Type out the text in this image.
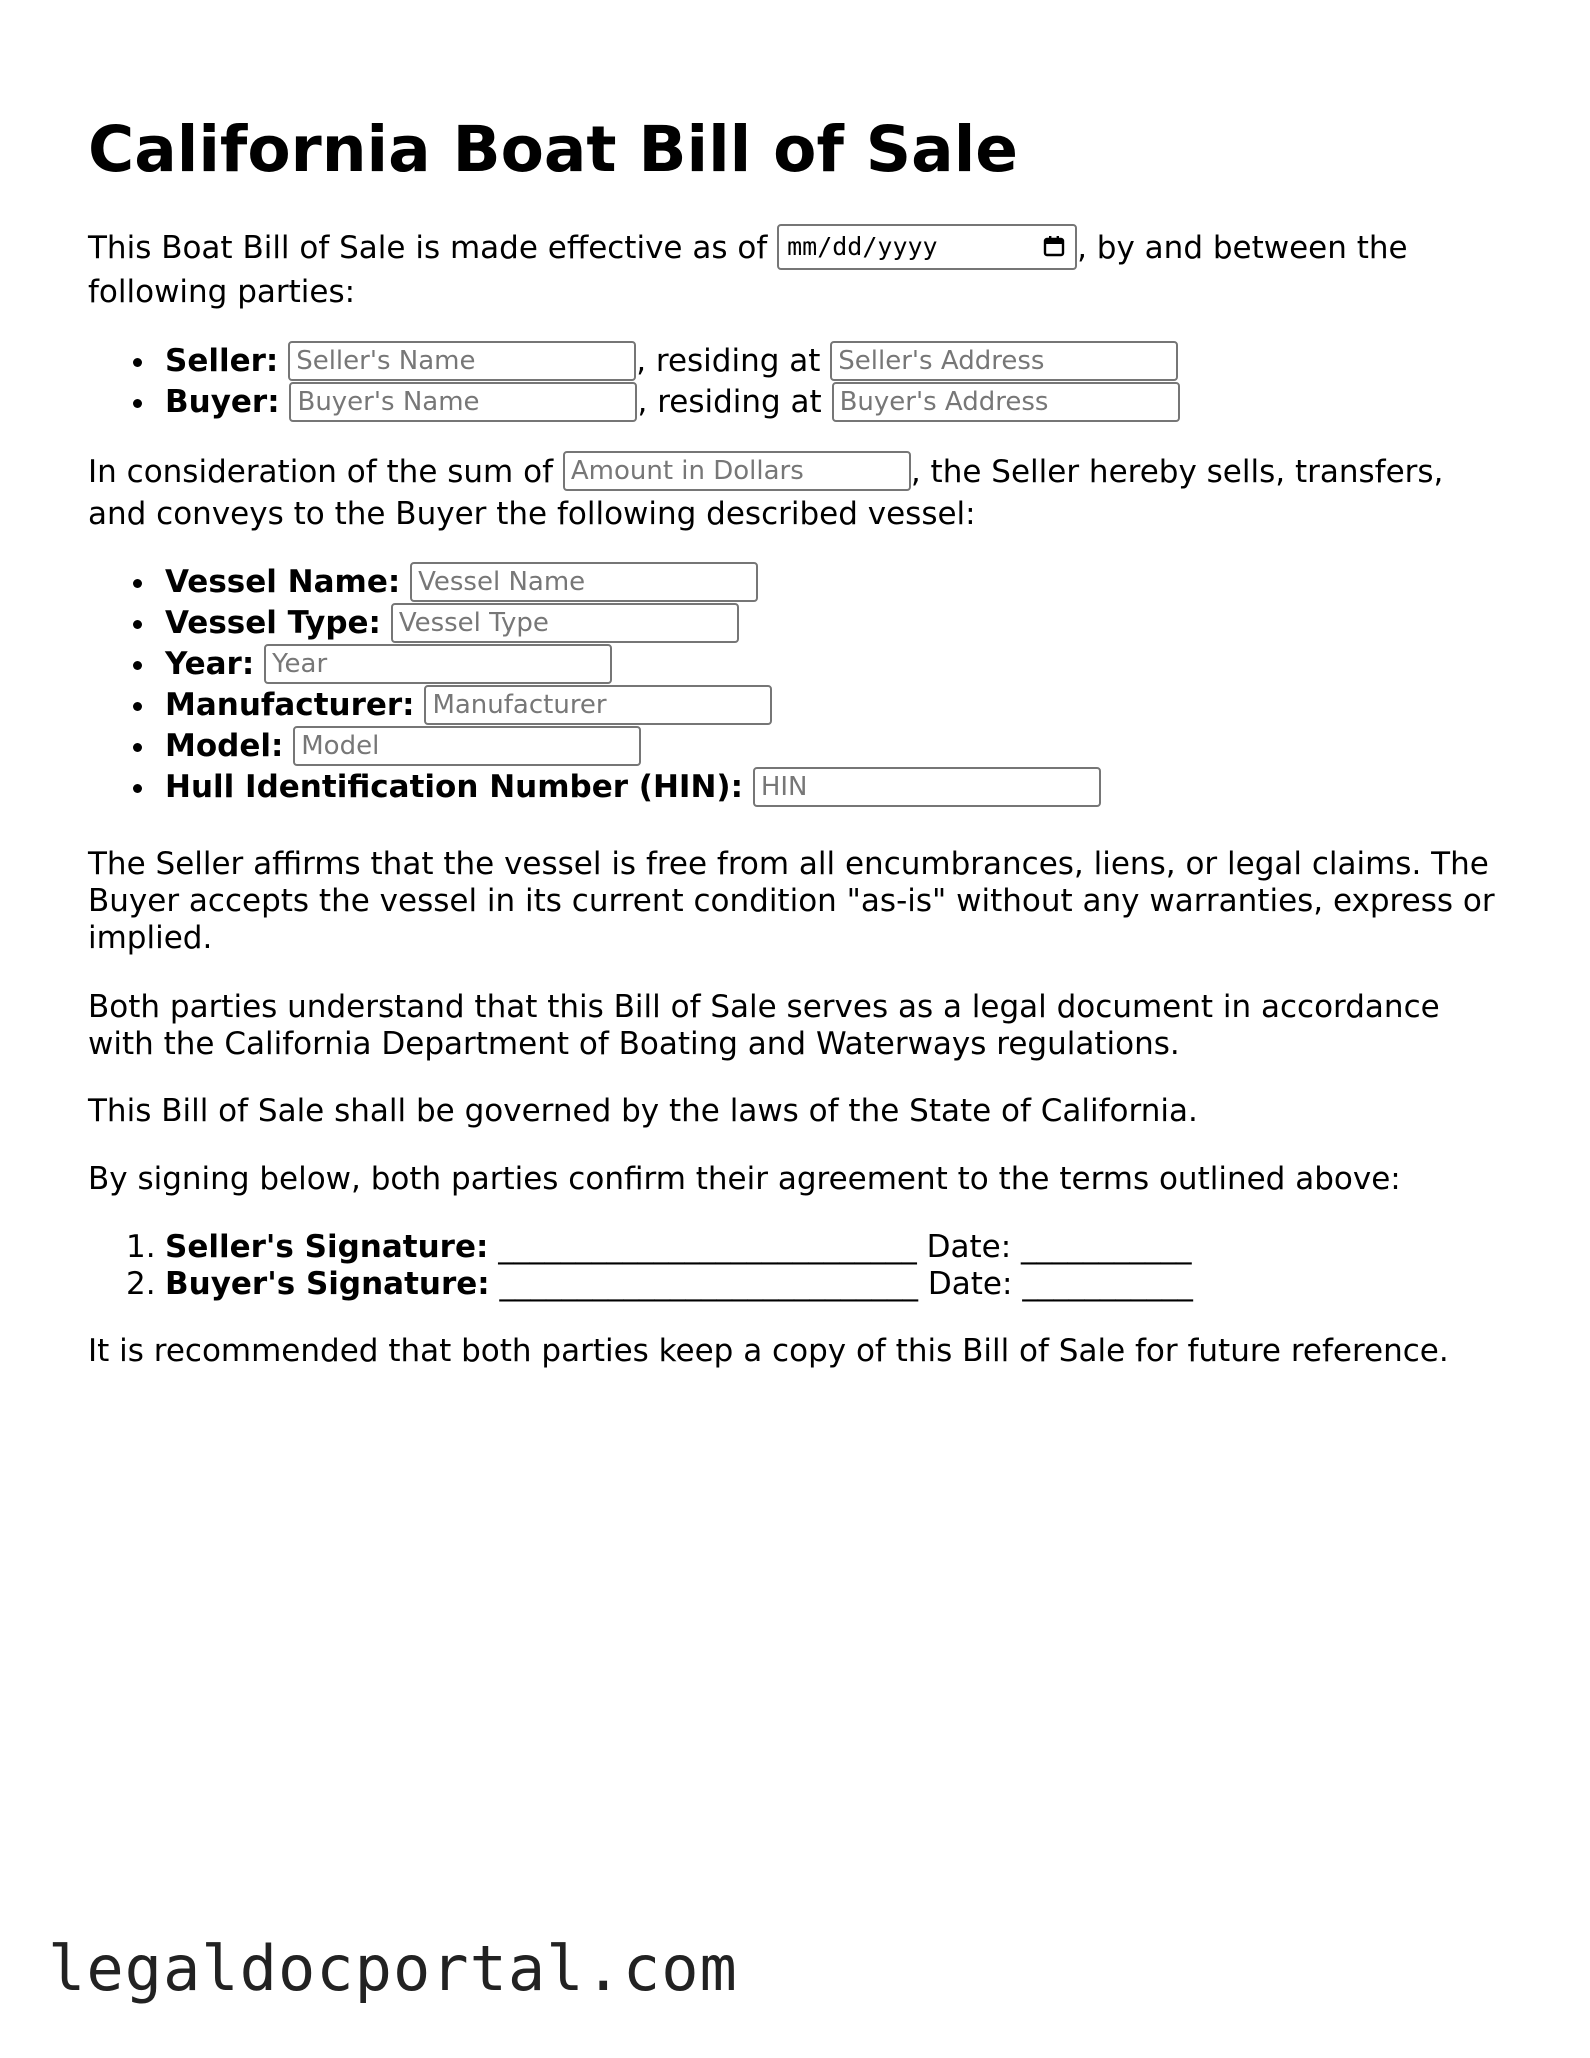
California Boat Bill of Sale
This Boat Bill of Sale is made effective as of mm/dd/yyyy	, by and between the
following parties:
Seller: Seller's Name	, residing at Seller's Address
Buyer: Buyer's Name	, residing at Buyer's Address
In consideration of the sum of Amount in Dollars	, the Seller hereby sells, transfers,
and conveys to the Buyer the following described vessel:
Vessel Name: Vessel Name
Vessel Type: Vessel Type
Year: Year
Manufacturer: Manufacturer
Model: Model
Hull Identification Number (HIN): HIN
The Seller affirms that the vessel is free from all encumbrances, liens, or legal claims. The
Buyer accepts the vessel in its current condition "as-is" without any warranties, express or
implied.
Both parties understand that this Bill of Sale serves as a legal document in accordance
with the California Department of Boating and Waterways regulations.
This Bill of Sale shall be governed by the laws of the State of California.
By signing below, both parties confirm their agreement to the terms outlined above:
1. Seller's Signature: ___________________________ Date: ___________
2. Buyer's Signature: ___________________________ Date: ___________
It is recommended that both parties keep a copy of this Bill of Sale for future reference.
legaldocportal.com
